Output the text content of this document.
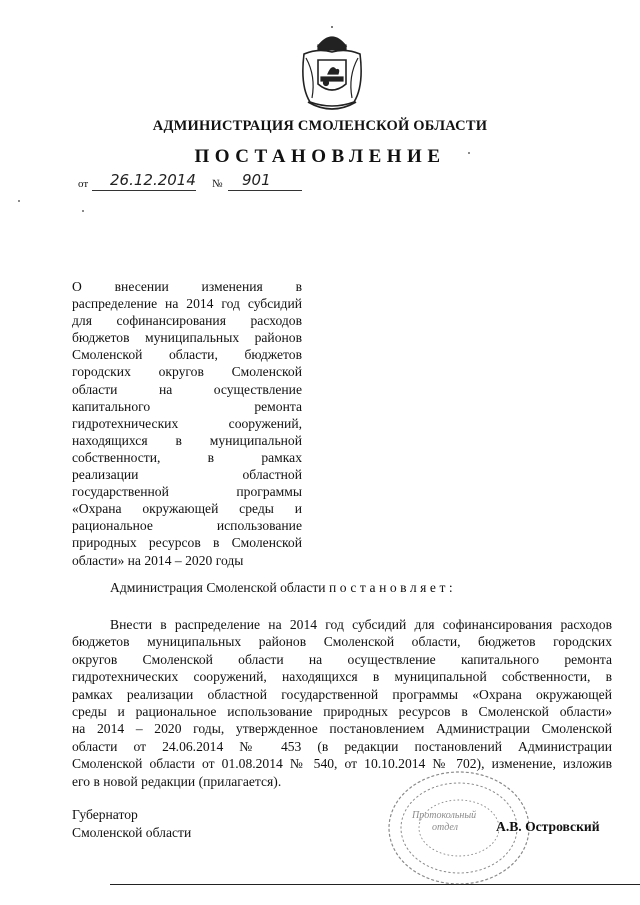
АДМИНИСТРАЦИЯ СМОЛЕНСКОЙ ОБЛАСТИ
ПОСТАНОВЛЕНИЕ
от 26.12.2014 № 901
О внесении изменения в
распределение на 2014 год субсидий
для софинансирования расходов
бюджетов муниципальных районов
Смоленской области, бюджетов
городских округов Смоленской
области на осуществление
капитального ремонта
гидротехнических сооружений,
находящихся в муниципальной
собственности, в рамках
реализации областной
государственной программы
«Охрана окружающей среды и
рациональное использование
природных ресурсов в Смоленской
области» на 2014 – 2020 годы
Администрация Смоленской области постановляет:
Внести в распределение на 2014 год субсидий для софинансирования расходов
бюджетов муниципальных районов Смоленской области, бюджетов городских
округов Смоленской области на осуществление капитального ремонта
гидротехнических сооружений, находящихся в муниципальной собственности, в
рамках реализации областной государственной программы «Охрана окружающей
среды и рациональное использование природных ресурсов в Смоленской области»
на 2014 – 2020 годы, утвержденное постановлением Администрации Смоленской
области от 24.06.2014 № 453 (в редакции постановлений Администрации
Смоленской области от 01.08.2014 № 540, от 10.10.2014 № 702), изменение, изложив
его в новой редакции (прилагается).
Протокольный
отдел
Губернатор
Смоленской области	А.В. Островский
